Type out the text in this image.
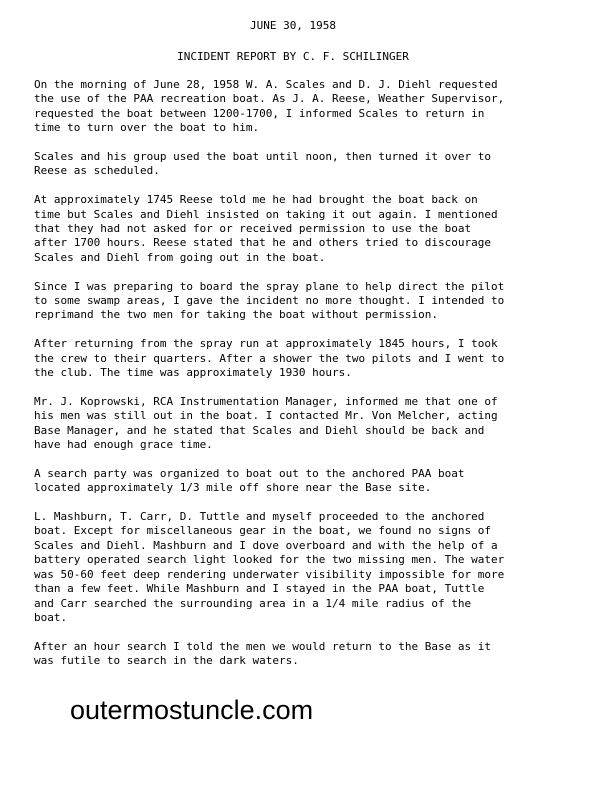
JUNE 30, 1958
INCIDENT REPORT BY C. F. SCHILINGER

On the morning of June 28, 1958 W. A. Scales and D. J. Diehl requested
the use of the PAA recreation boat. As J. A. Reese, Weather Supervisor,
requested the boat between 1200-1700, I informed Scales to return in
time to turn over the boat to him.

Scales and his group used the boat until noon, then turned it over to
Reese as scheduled.

At approximately 1745 Reese told me he had brought the boat back on
time but Scales and Diehl insisted on taking it out again. I mentioned
that they had not asked for or received permission to use the boat
after 1700 hours. Reese stated that he and others tried to discourage
Scales and Diehl from going out in the boat.

Since I was preparing to board the spray plane to help direct the pilot
to some swamp areas, I gave the incident no more thought. I intended to
reprimand the two men for taking the boat without permission.

After returning from the spray run at approximately 1845 hours, I took
the crew to their quarters. After a shower the two pilots and I went to
the club. The time was approximately 1930 hours.

Mr. J. Koprowski, RCA Instrumentation Manager, informed me that one of
his men was still out in the boat. I contacted Mr. Von Melcher, acting
Base Manager, and he stated that Scales and Diehl should be back and
have had enough grace time.

A search party was organized to boat out to the anchored PAA boat
located approximately 1/3 mile off shore near the Base site.

L. Mashburn, T. Carr, D. Tuttle and myself proceeded to the anchored
boat. Except for miscellaneous gear in the boat, we found no signs of
Scales and Diehl. Mashburn and I dove overboard and with the help of a
battery operated search light looked for the two missing men. The water
was 50-60 feet deep rendering underwater visibility impossible for more
than a few feet. While Mashburn and I stayed in the PAA boat, Tuttle
and Carr searched the surrounding area in a 1/4 mile radius of the
boat.

After an hour search I told the men we would return to the Base as it
was futile to search in the dark waters.

outermostuncle.com
